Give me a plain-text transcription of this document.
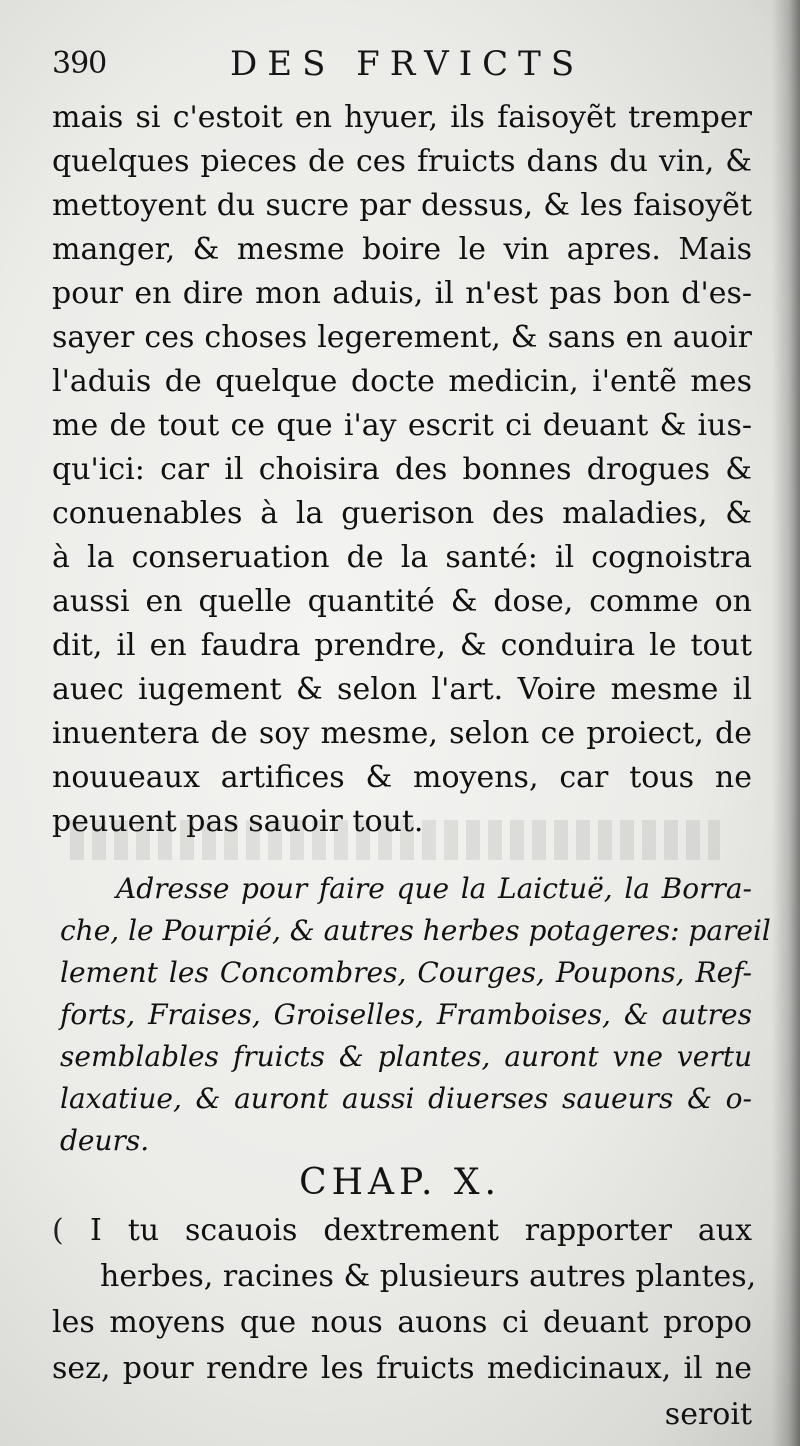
390	DES FRVICTS

mais si c'estoit en hyuer, ils faisoyẽt tremper
quelques pieces de ces fruicts dans du vin, &
mettoyent du sucre par dessus, & les faisoyẽt
manger, & mesme boire le vin apres. Mais
pour en dire mon aduis, il n'est pas bon d'es-
sayer ces choses legerement, & sans en auoir
l'aduis de quelque docte medicin, i'entẽ mes
me de tout ce que i'ay escrit ci deuant & ius-
qu'ici: car il choisira des bonnes drogues &
conuenables à la guerison des maladies, &
à la conseruation de la santé: il cognoistra
aussi en quelle quantité & dose, comme on
dit, il en faudra prendre, & conduira le tout
auec iugement & selon l'art. Voire mesme il
inuentera de soy mesme, selon ce proiect, de
nouueaux artifices & moyens, car tous ne
peuuent pas sauoir tout.

Adresse pour faire que la Laictuë, la Borra-
che, le Pourpié, & autres herbes potageres: pareil
lement les Concombres, Courges, Poupons, Ref-
forts, Fraises, Groiselles, Framboises, & autres
semblables fruicts & plantes, auront vne vertu
laxatiue, & auront aussi diuerses saueurs & o-
deurs.

CHAP. X.

( I tu scauois dextrement rapporter aux
herbes, racines & plusieurs autres plantes,
les moyens que nous auons ci deuant propo
sez, pour rendre les fruicts medicinaux, il ne
seroit
